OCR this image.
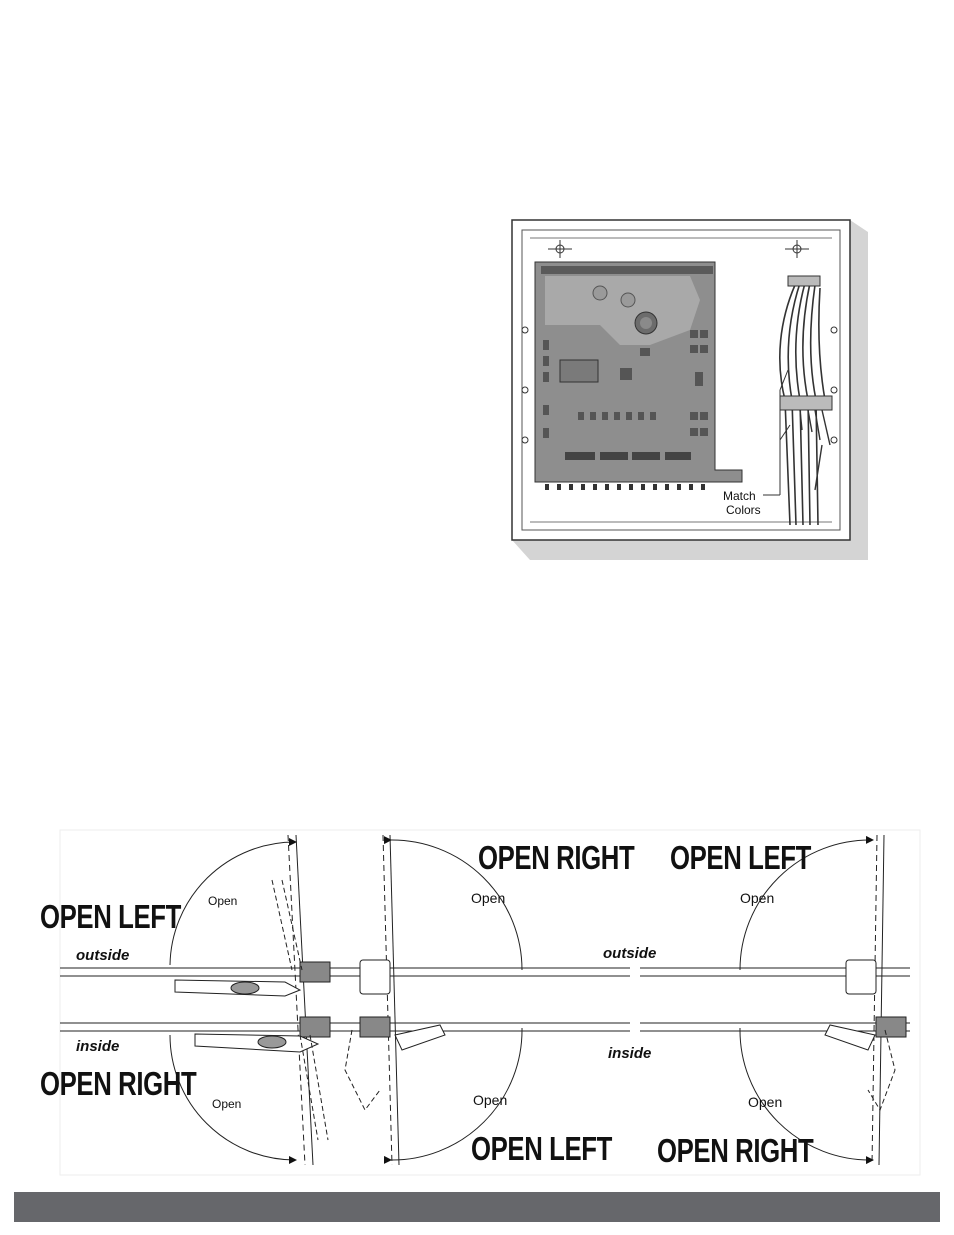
Match
Colors
OPEN LEFT
outside
inside
OPEN RIGHT
Open
Open
OPEN RIGHT
Open
outside
inside
Open
OPEN LEFT
OPEN LEFT
Open
Open
OPEN RIGHT
